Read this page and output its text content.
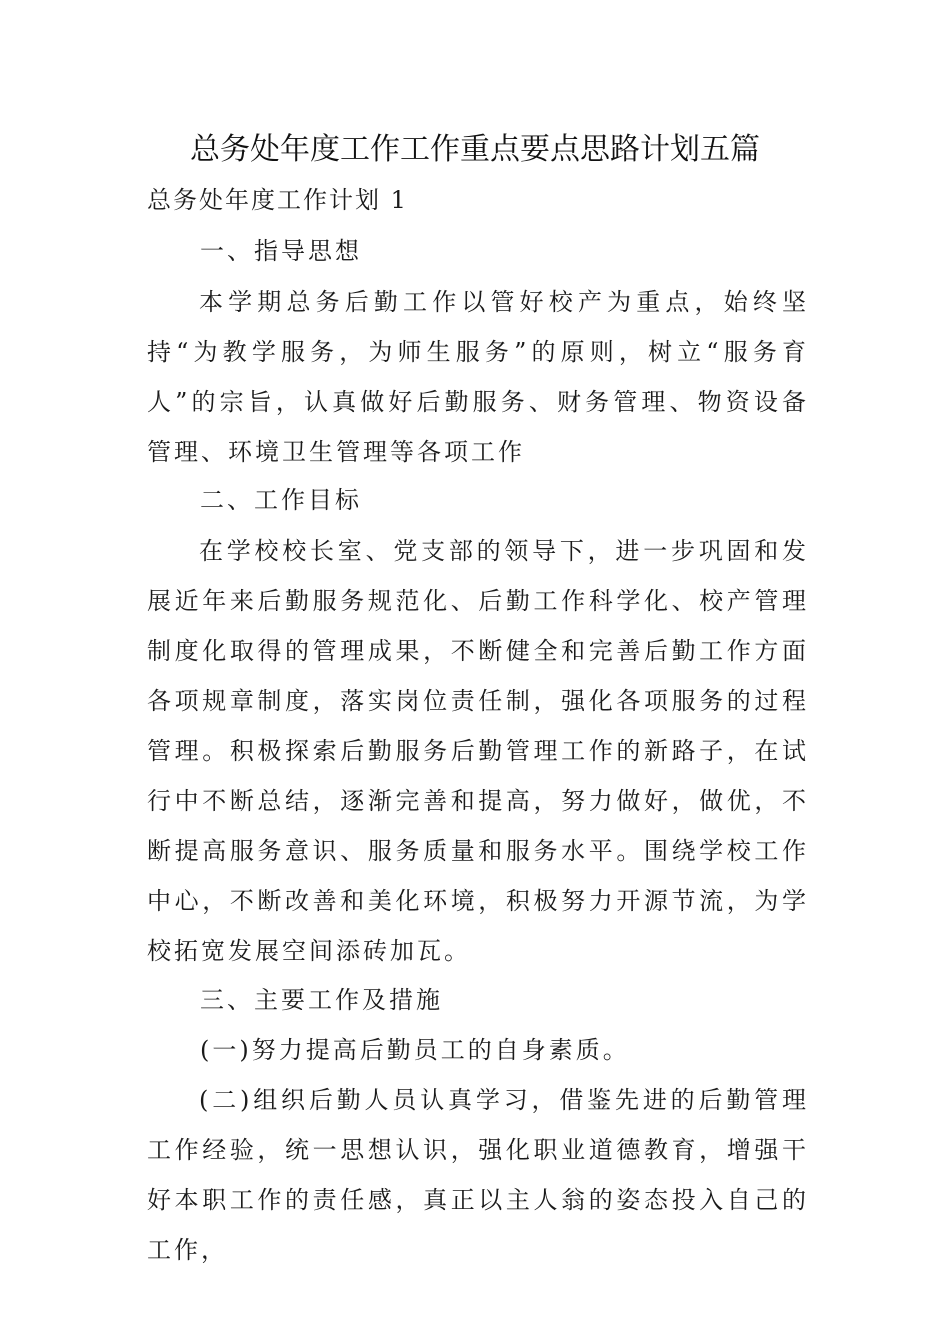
总务处年度工作工作重点要点思路计划五篇
总务处年度工作计划 1
一、指导思想
本学期总务后勤工作以管好校产为重点，始终坚持“为教学服务，为师生服务”的原则，树立“服务育人”的宗旨，认真做好后勤服务、财务管理、物资设备管理、环境卫生管理等各项工作
二、工作目标
在学校校长室、党支部的领导下，进一步巩固和发展近年来后勤服务规范化、后勤工作科学化、校产管理制度化取得的管理成果，不断健全和完善后勤工作方面各项规章制度，落实岗位责任制，强化各项服务的过程管理。积极探索后勤服务后勤管理工作的新路子，在试行中不断总结，逐渐完善和提高，努力做好，做优，不断提高服务意识、服务质量和服务水平。围绕学校工作中心，不断改善和美化环境，积极努力开源节流，为学校拓宽发展空间添砖加瓦。
三、主要工作及措施
(一)努力提高后勤员工的自身素质。
(二)组织后勤人员认真学习，借鉴先进的后勤管理工作经验，统一思想认识，强化职业道德教育，增强干好本职工作的责任感，真正以主人翁的姿态投入自己的工作，
